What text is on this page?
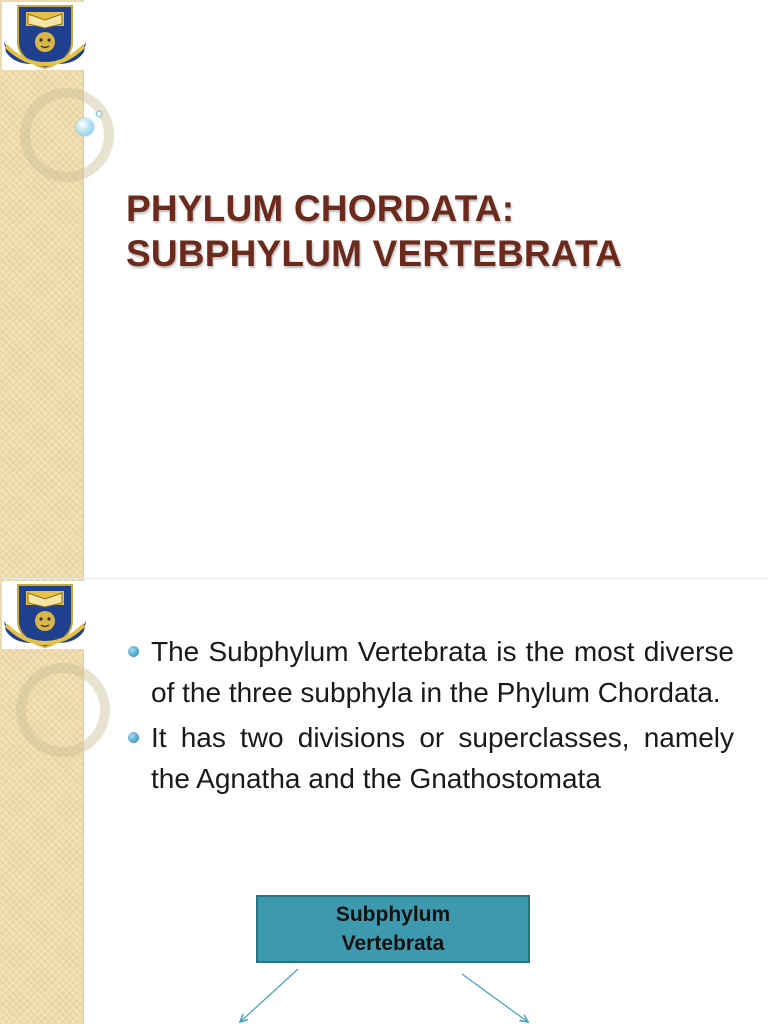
PHYLUM CHORDATA:
SUBPHYLUM VERTEBRATA
The Subphylum Vertebrata is the most diverse of the three subphyla in the Phylum Chordata.
It has two divisions or superclasses, namely the Agnatha and the Gnathostomata
Subphylum
Vertebrata
